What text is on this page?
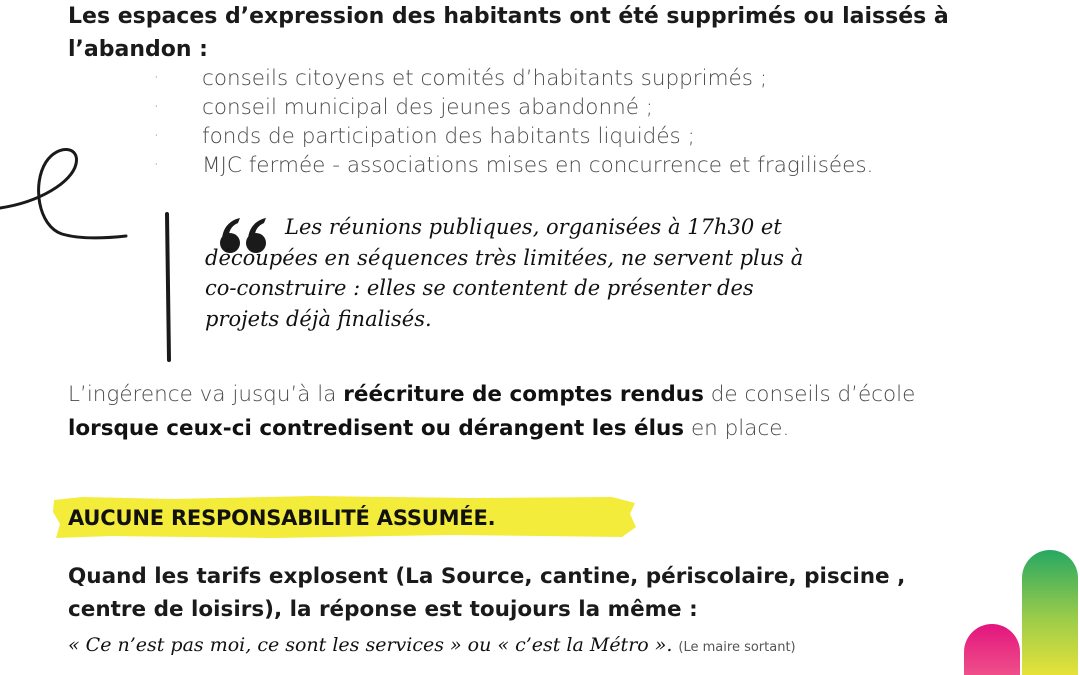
Les espaces d’expression des habitants ont été supprimés ou laissés à l’abandon :
· conseils citoyens et comités d’habitants supprimés ;
· conseil municipal des jeunes abandonné ;
· fonds de participation des habitants liquidés ;
· MJC fermée - associations mises en concurrence et fragilisées.
Les réunions publiques, organisées à 17h30 et découpées en séquences très limitées, ne servent plus à co-construire : elles se contentent de présenter des projets déjà finalisés.
L’ingérence va jusqu’à la réécriture de comptes rendus de conseils d’école
lorsque ceux-ci contredisent ou dérangent les élus en place.
AUCUNE RESPONSABILITÉ ASSUMÉE.
Quand les tarifs explosent (La Source, cantine, périscolaire, piscine , centre de loisirs), la réponse est toujours la même :
« Ce n’est pas moi, ce sont les services » ou « c’est la Métro ». (Le maire sortant)
